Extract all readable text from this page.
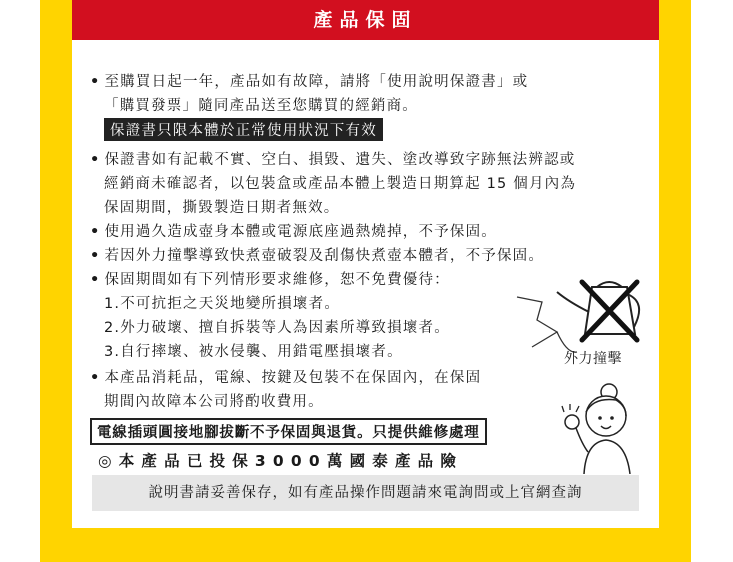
產品保固
• 至購買日起一年，產品如有故障，請將「使用說明保證書」或
「購買發票」隨同產品送至您購買的經銷商。
保證書只限本體於正常使用狀況下有效
• 保證書如有記載不實、空白、損毀、遺失、塗改導致字跡無法辨認或
經銷商未確認者，以包裝盒或產品本體上製造日期算起 15 個月內為
保固期間，撕毀製造日期者無效。
• 使用過久造成壺身本體或電源底座過熱燒掉，不予保固。
• 若因外力撞擊導致快煮壺破裂及刮傷快煮壺本體者，不予保固。
• 保固期間如有下列情形要求維修，恕不免費優待：
1.不可抗拒之天災地變所損壞者。
2.外力破壞、擅自拆裝等人為因素所導致損壞者。
3.自行摔壞、被水侵襲、用錯電壓損壞者。
• 本產品消耗品，電線、按鍵及包裝不在保固內，在保固
期間內故障本公司將酌收費用。
電線插頭圓接地腳拔斷不予保固與退貨。只提供維修處理
◎本產品已投保3000萬國泰產品險
外力撞擊
說明書請妥善保存，如有產品操作問題請來電詢問或上官網查詢
